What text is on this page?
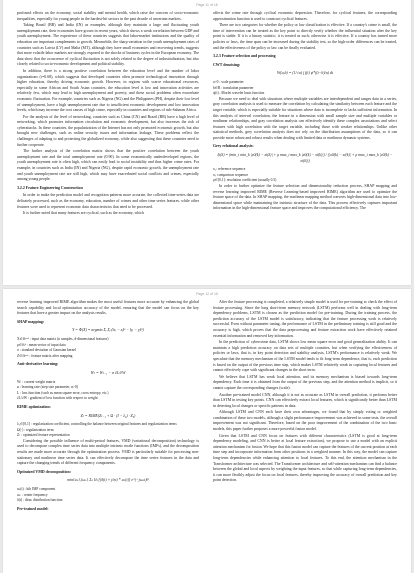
Page 11 of 16

profound effects on the economy, social stability and mental health, which raise the concern of socio-economic inequalities, especially for young people in the hardest-hit sectors in the past decade of uncertain markets.

Taking Brazil (BR) and India (IN) as examples, although they maintain a large and fluctuating youth unemployment rate, their economies have grown in recent years, which shows a weak correlation between GDP and youth unemployment. The experience of these countries suggests that labor-market institutions and the quality of education are important complements to growth. Meanwhile, the sharp variation in the youth unemployment rates of countries such as Latvia (LV) and Malta (MT), although they have small economies and recovering trends, suggests that more volatile labor markets are strongly exposed to the shocks of business cycles in the European economy. The data show that the occurrence of cyclical fluctuation is not solely related to the degree of industrialization, but also closely related to socio-economic development and political stability.

In addition, there is a strong positive correlation between the education level and the number of labor organizations (r=0.68), which suggests that developed countries often promote technological innovation through higher education, thereby driving economic growth. However, in regions with scarce educational resources, especially in some African and South Asian countries, the education level is low and innovation activities are relatively few, which may lead to high unemployment and poverty, and these social problems often exacerbate economic fluctuation. For example, countries such as Nigeria (NG) and the Philippines (PH), despite their low level of unemployment, have a high unemployment rate due to insufficient economic development and low innovation levels, which may increase the root causes of high crime, especially in countries and regions of sub-Saharan Africa.

For the analysis of the level of networking, countries such as China (CN) and Brazil (BR) have a high level of networking, which promotes information circulation and economic development, but also increases the risk of cyberattacks. In these countries, the popularization of the Internet has not only promoted economic growth, but also brought new challenges, such as online security issues and information leakage. These problems reflect the challenges of adapting to and protecting the globalized economy, while also suggesting that these countries need to further cooperate.

The further analysis of the correlation matrix shows that the positive correlation between the youth unemployment rate and the total unemployment rate (0.90). In some economically underdeveloped regions, the youth unemployment rate is often high, which can easily lead to social instability and thus higher crime rates. For example, in countries such as India (IN) and Nigeria (NG), despite rapid economic growth, the unemployment rate and youth unemployment rate are still high, which may have exacerbated social conflicts and crimes, especially among young people.

3.2.2 Feature Engineering Construction

In order to make the prediction model and recognition patterns more accurate, the collected time-series data are delicately processed, such as the economy, education, number of crimes and other time series features, while other features were used to represent economic data characteristics that need to be processed.

It is further noted that many features are cyclical, such as the economy, which

affects the crime rate through cyclical economic depression. Therefore, for cyclical features, the corresponding approximation function is used to construct cyclical features.

There are two categories for whether the policy or law classification is effective. If a country's crime is small, the time of intervention can be treated as the key point to directly verify whether the influential situation after the key point is stable. If it is a binary statistic, it is treated as such; otherwise it is effective. If a country has turned more policies or laws, the time span can be increased during the stability test, so the high-order differences can be treated, and the effectiveness of the policy or law can be finally evaluated.

3.2.3 Feature selection and processing
CWT denoising:
W(a,b) = (1/√a) ∫ f(t) ψ*((t−b)/a) dt
a>0 : scale parameter
b∈R : translation parameter
ψ(t) : Morlet wavelet basis function

Because we need to deal with situations where multiple variables are interdependent and ranges data in a series, gray correlation analysis is used to measure the correlation by calculating the similarity between each feature and the target variable, which is especially suitable for situations where data is incomplete or lacks sufficient information. In this analysis of interval correlation, the feature in a dimension with small sample size and multiple variables or nonlinear relationships, and gray correlation analysis can effectively identify these complex associations and select features with high correlation with the target variable, including those with weaker relationships. Unlike other statistical methods, grey correlation analysis does not rely on the distribution assumptions of the data, so it can provide more robust and robust results when dealing with limited data or nonlinear dynamic systems.

Grey relational analysis:
ξi(k) = (min_i min_k |x0(k) − xi(k)| + ρ max_i max_k |x0(k) − xi(k)|) / (|x0(k) − xi(k)| + ρ max_i max_k |x0(k) − xi(k)|)
x₀: reference sequence
xᵢ: comparison sequence
ρ∈[0,1]: resolution coefficient (usually 0.5)

In order to further optimize the feature selection and dimensionality reduction process, SHAP mapping and reverse learning improved RIME (Reverse Learning-based improved RIME) algorithm are used to optimize the feature space of the data. In SHAP mapping, the nonlinear mapping method converts high-dimensional data into low-dimensional space while maintaining the intrinsic structure of the data. This process effectively captures important information in the high-dimensional feature space and improves the computational efficiency. The

Page 12 of 16

reverse learning improved RIME algorithm makes the most useful features more accurate by enhancing the global search capability and local optimization accuracy of the model, ensuring that the model can focus on the key features that have a greater impact on the analysis results.

SHAP mapping:
Y = Φ(X) = argmin Σᵢ Σⱼ (‖xᵢ − xⱼ‖² − ‖yᵢ − yⱼ‖²)
X∈ℝⁿˣᵈ : input data matrix (n samples, d-dimensional features)
μ∈ℝᵈ : mean vector of input data
σ : standard deviation of Gaussian kernel
Z∈ℝⁿˣᵏ : feature matrix after mapping
Anti-derivative learning:
Wₜ = Wₜ₋₁ − α ∂L/∂W
Wₜ : current weight matrix
α : learning rate (step size parameter, α>0)
L : loss function (such as mean square error, cross entropy, etc.)
∂L/∂W : gradient of loss function with respect to weight
RIME optimization:
Zₜ = RIME(Zₜ₋₁ + Ω · (I − λ₀) · Z₀)
λ₀∈[0,1] : regularization coefficient, controlling the balance between original features and regularization terms
Ω(·) : regularization term
Zₜ : optimized feature representation

Considering the possible influence of multi-period features, VMD (variational decomposition) technology is used to decompose complex time series data into multiple intrinsic mode functions (IMFs), and the decomposition results are made more accurate through the optimization process. VMD is particularly suitable for processing non-stationary and nonlinear time series data. It can effectively decompose the time series features in the data and capture the changing trends of different frequency components.

Optimized VMD decomposition:
min{uₖ},{ωₖ} Σₖ ‖∂ₜ[(δ(t) + j/πt) * uₖ(t)] e^(−jωₖt)‖²
uₖ(t) : kth IMF component
ωₖ : center frequency
δ(t) : dirac distribution function
Pre-trained model:

After the feature processing is completed, a relatively simple model is used for pre-training to check the effect of feature processing. Since the long short-term memory network (LSTM) performs well in dealing with long-term dependency problems, LSTM is chosen as the prediction model for pre-training. During the training process, the prediction accuracy of the LSTM model is satisfactory, indicating that the feature processing work is relatively successful. Even without parameter tuning, the performance of LSTM in the preliminary training is still good and the accuracy is high, which proves that the data preprocessing and feature extraction work have effectively retained essential information and removed key information.

In the prediction of cybercrime data, LSTM shows low mean square error and good generalization ability. It can maintain a high prediction accuracy on data sets of multiple countries, but when verifying the effectiveness of policies or laws, that is, in key point detection and stability analysis, LSTM's performance is relatively weak. We speculate that the memory mechanism of the LSTM model tends to fit long-term dependence, that is, each prediction is based on the output of the previous time step, which makes LSTM relatively weak in capturing local features and cannot effectively cope with significant changes in the short term.

We believe that LSTM has weak local attention, and its memory mechanism is biased towards long-term dependency. Each time it is obtained from the output of the previous step, and the attention method is implicit, so it cannot capture the corresponding changes (scale).

Another pre-trained model CNN, although it is not as accurate as LSTM in overall prediction, it performs better than LSTM in testing key points. CNN can effectively extract local features, which is significantly better than LSTM in detecting local changes or specific patterns in data.

Although LSTM and CNN each have their own advantages, we found that by simply voting or weighted combination of these two models, although a slight performance improvement was achieved in some tests, the overall improvement was not significant. Therefore, based on the poor improvement of the combination of the two basic models, this paper further proposes a more powerful fusion model.

Given that LSTM and CNN focus on features with different characteristics (LSTM is good at long-term dependency modeling, and CNN is better at local feature extraction), we propose to use a model with an explicit attention mechanism for fusion. We hope that this fusion model can capture the features of the current position at each time step and incorporate information from other positions in a weighted manner. In this way, the model can capture long-term dependencies while enhancing attention to local features. To this end, the attention mechanism in the Transformer architecture was selected. The Transformer architecture and self-attention mechanism can find a balance between the global and local aspects by weighting the input features, so that while capturing long-term dependencies, it can more flexibly adjust the focus on local features, thereby improving the accuracy of overall prediction and key point detection.
